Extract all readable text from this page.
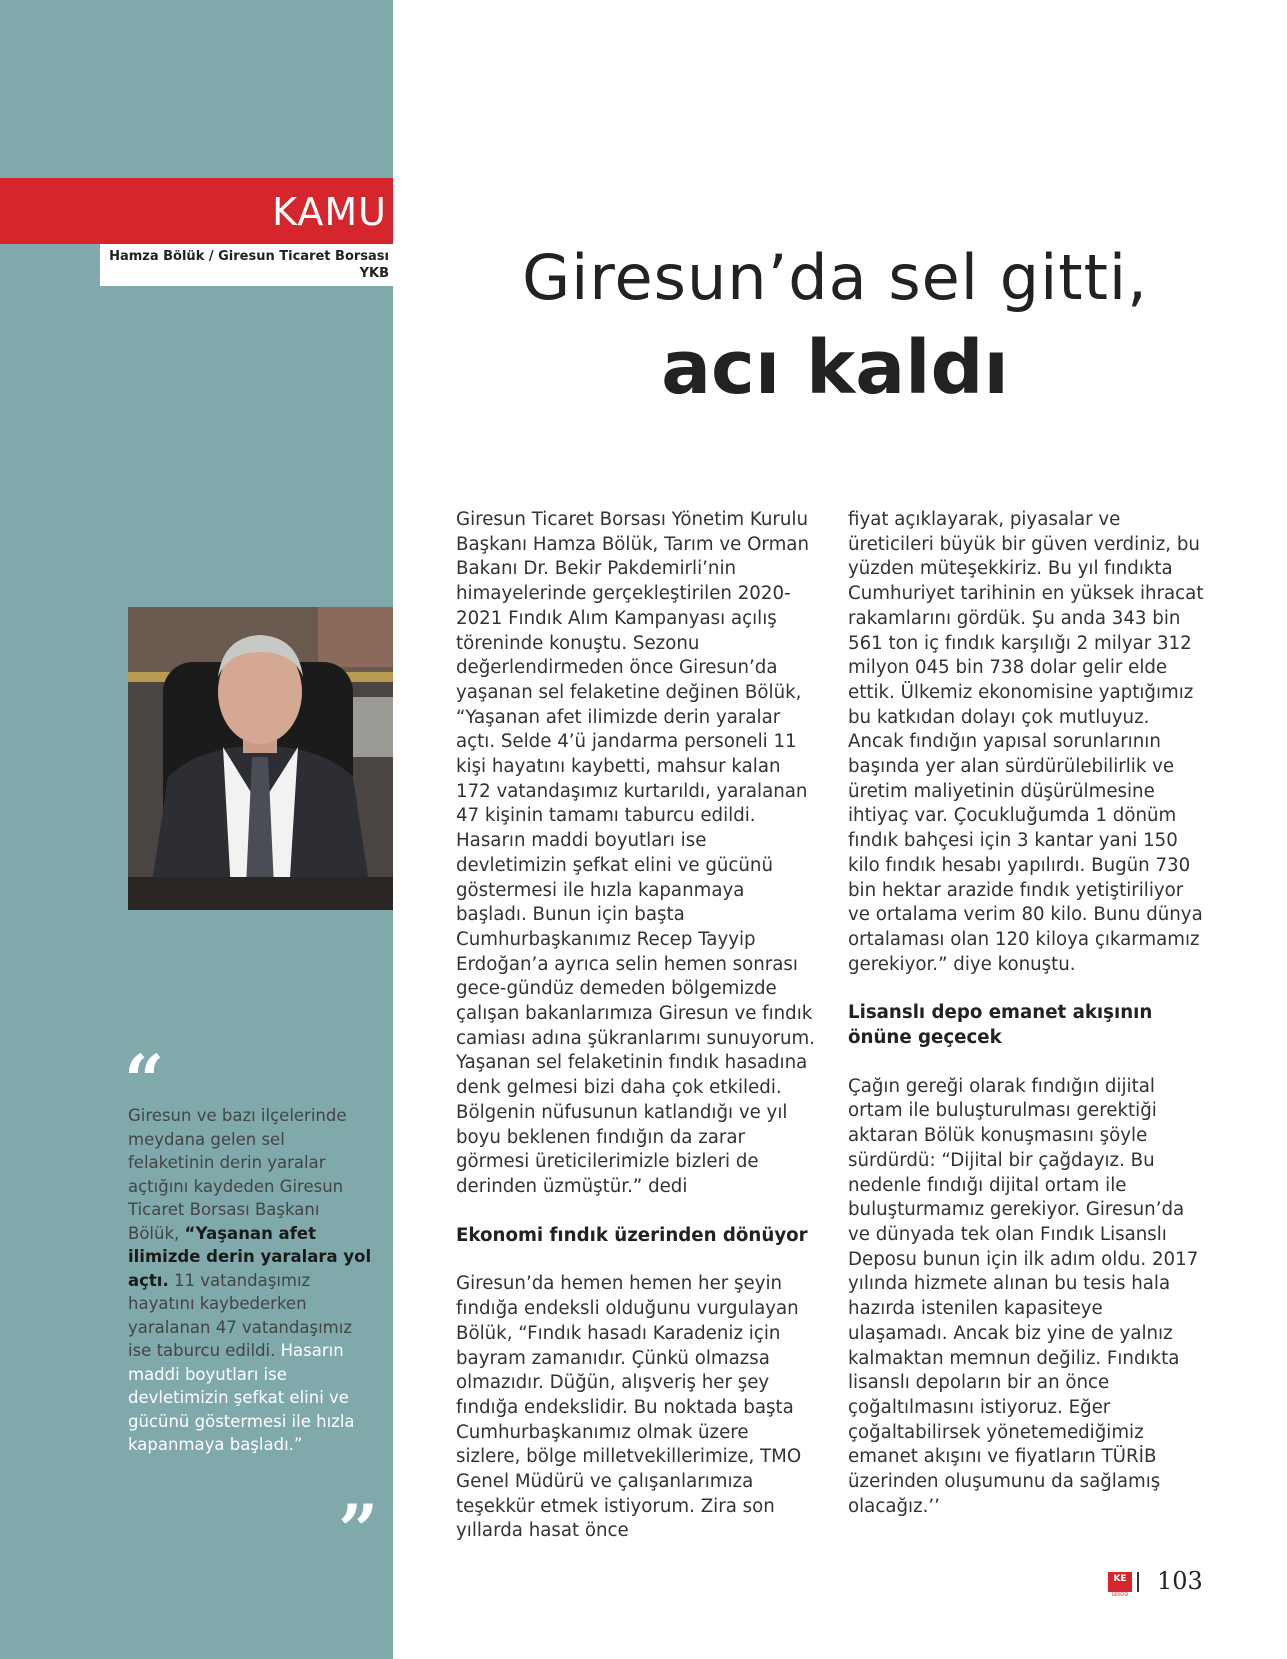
KAMU
Hamza Bölük / Giresun Ticaret Borsası YKB
“
Giresun ve bazı ilçelerinde meydana gelen sel felaketinin derin yaralar açtığını kaydeden Giresun Ticaret Borsası Başkanı Bölük, “Yaşanan afet ilimizde derin yaralara yol açtı. 11 vatandaşımız hayatını kaybederken yaralanan 47 vatandaşımız ise taburcu edildi. Hasarın maddi boyutları ise devletimizin şefkat elini ve gücünü göstermesi ile hızla kapanmaya başladı.”
”
Giresun’da sel gitti,
acı kaldı

Giresun Ticaret Borsası Yönetim Kurulu Başkanı Hamza Bölük, Tarım ve Orman Bakanı Dr. Bekir Pakdemirli’nin himayelerinde gerçekleştirilen 2020-2021 Fındık Alım Kampanyası açılış töreninde konuştu. Sezonu değerlendirmeden önce Giresun’da yaşanan sel felaketine değinen Bölük, “Yaşanan afet ilimizde derin yaralar açtı. Selde 4’ü jandarma personeli 11 kişi hayatını kaybetti, mahsur kalan 172 vatandaşımız kurtarıldı, yaralanan 47 kişinin tamamı taburcu edildi. Hasarın maddi boyutları ise devletimizin şefkat elini ve gücünü göstermesi ile hızla kapanmaya başladı. Bunun için başta Cumhurbaşkanımız Recep Tayyip Erdoğan’a ayrıca selin hemen sonrası gece-gündüz demeden bölgemizde çalışan bakanlarımıza Giresun ve fındık camiası adına şükranlarımı sunuyorum. Yaşanan sel felaketinin fındık hasadına denk gelmesi bizi daha çok etkiledi. Bölgenin nüfusunun katlandığı ve yıl boyu beklenen fındığın da zarar görmesi üreticilerimizle bizleri de derinden üzmüştür.” dedi

Ekonomi fındık üzerinden dönüyor

Giresun’da hemen hemen her şeyin fındığa endeksli olduğunu vurgulayan Bölük, “Fındık hasadı Karadeniz için bayram zamanıdır. Çünkü olmazsa olmazıdır. Düğün, alışveriş her şey fındığa endekslidir. Bu noktada başta Cumhurbaşkanımız olmak üzere sizlere, bölge milletvekillerimize, TMO Genel Müdürü ve çalışanlarımıza teşekkür etmek istiyorum. Zira son yıllarda hasat önce

fiyat açıklayarak, piyasalar ve üreticileri büyük bir güven verdiniz, bu yüzden müteşekkiriz. Bu yıl fındıkta Cumhuriyet tarihinin en yüksek ihracat rakamlarını gördük. Şu anda 343 bin 561 ton iç fındık karşılığı 2 milyar 312 milyon 045 bin 738 dolar gelir elde ettik. Ülkemiz ekonomisine yaptığımız bu katkıdan dolayı çok mutluyuz. Ancak fındığın yapısal sorunlarının başında yer alan sürdürülebilirlik ve üretim maliyetinin düşürülmesine ihtiyaç var. Çocukluğumda 1 dönüm fındık bahçesi için 3 kantar yani 150 kilo fındık hesabı yapılırdı. Bugün 730 bin hektar arazide fındık yetiştiriliyor ve ortalama verim 80 kilo. Bunu dünya ortalaması olan 120 kiloya çıkarmamız gerekiyor.” diye konuştu.

Lisanslı depo emanet akışının önüne geçecek

Çağın gereği olarak fındığın dijital ortam ile buluşturulması gerektiği aktaran Bölük konuşmasını şöyle sürdürdü: “Dijital bir çağdayız. Bu nedenle fındığı dijital ortam ile buluşturmamız gerekiyor. Giresun’da ve dünyada tek olan Fındık Lisanslı Deposu bunun için ilk adım oldu. 2017 yılında hizmete alınan bu tesis hala hazırda istenilen kapasiteye ulaşamadı. Ancak biz yine de yalnız kalmaktan memnun değiliz. Fındıkta lisanslı depoların bir an önce çoğaltılmasını istiyoruz. Eğer çoğaltabilirsek yönetemediğimiz emanet akışını ve fiyatların TÜRİB üzerinden oluşumunu da sağlamış olacağız.’’

KE
DERGİSİ 103
